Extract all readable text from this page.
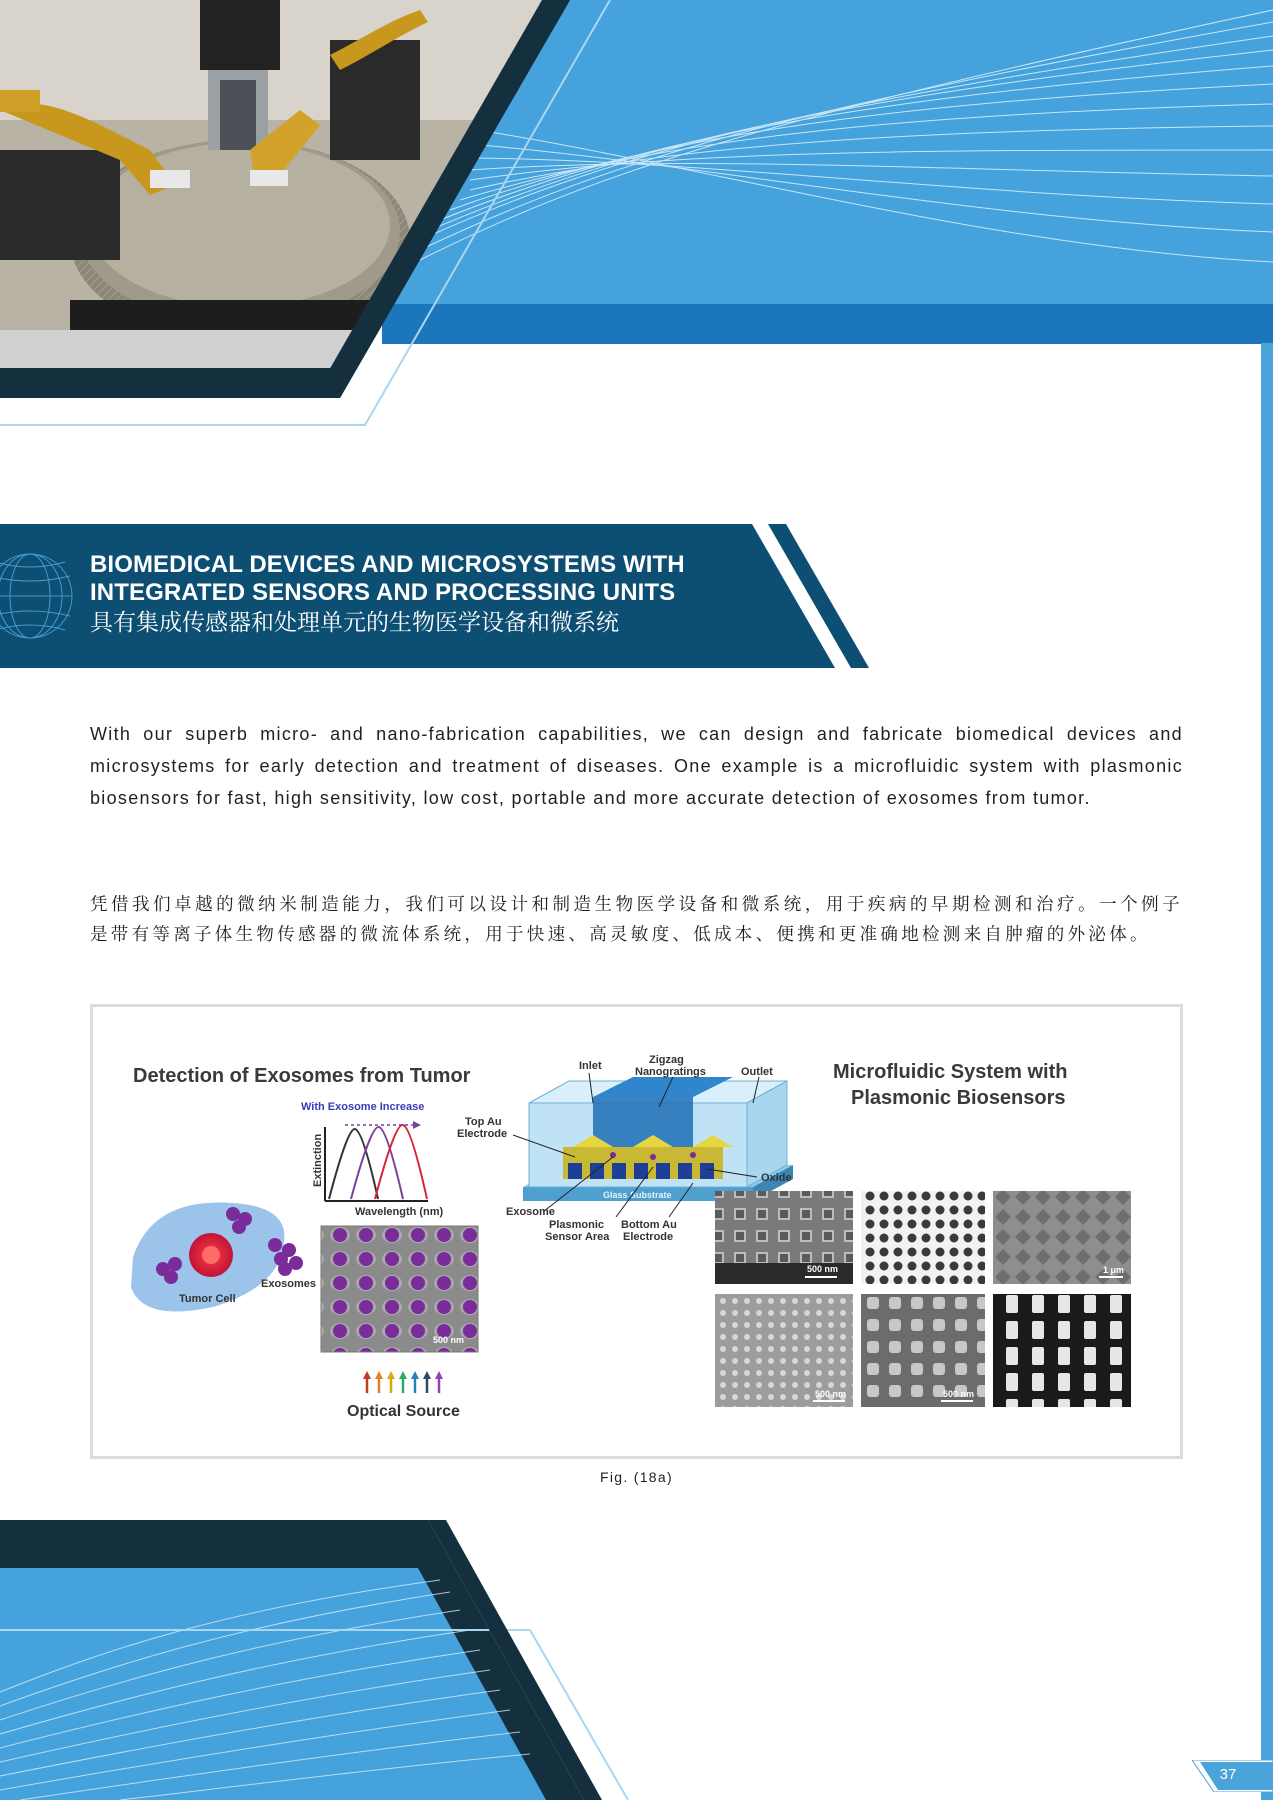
BIOMEDICAL DEVICES AND MICROSYSTEMS WITH
INTEGRATED SENSORS AND PROCESSING UNITS
具有集成传感器和处理单元的生物医学设备和微系统

With our superb micro- and nano-fabrication capabilities, we can design and fabricate biomedical devices and microsystems for early detection and treatment of diseases. One example is a microfluidic system with plasmonic biosensors for fast, high sensitivity, low cost, portable and more accurate detection of exosomes from tumor.

凭借我们卓越的微纳米制造能力，我们可以设计和制造生物医学设备和微系统，用于疾病的早期检测和治疗。一个例子是带有等离子体生物传感器的微流体系统，用于快速、高灵敏度、低成本、便携和更准确地检测来自肿瘤的外泌体。

Detection of Exosomes from Tumor
With Exosome Increase
Extinction
Wavelength (nm)
500 nm
Tumor Cell
Exosomes
Optical Source
Glass Substrate
Inlet	Zigzag
Nanogratings	Outlet
Top Au
Electrode
Oxide
Exosome
Plasmonic
Sensor Area
Bottom Au
Electrode
Microfluidic System with
Plasmonic Biosensors
500 nm	1 μm
500 nm	500 nm
Fig. (18a)
37
